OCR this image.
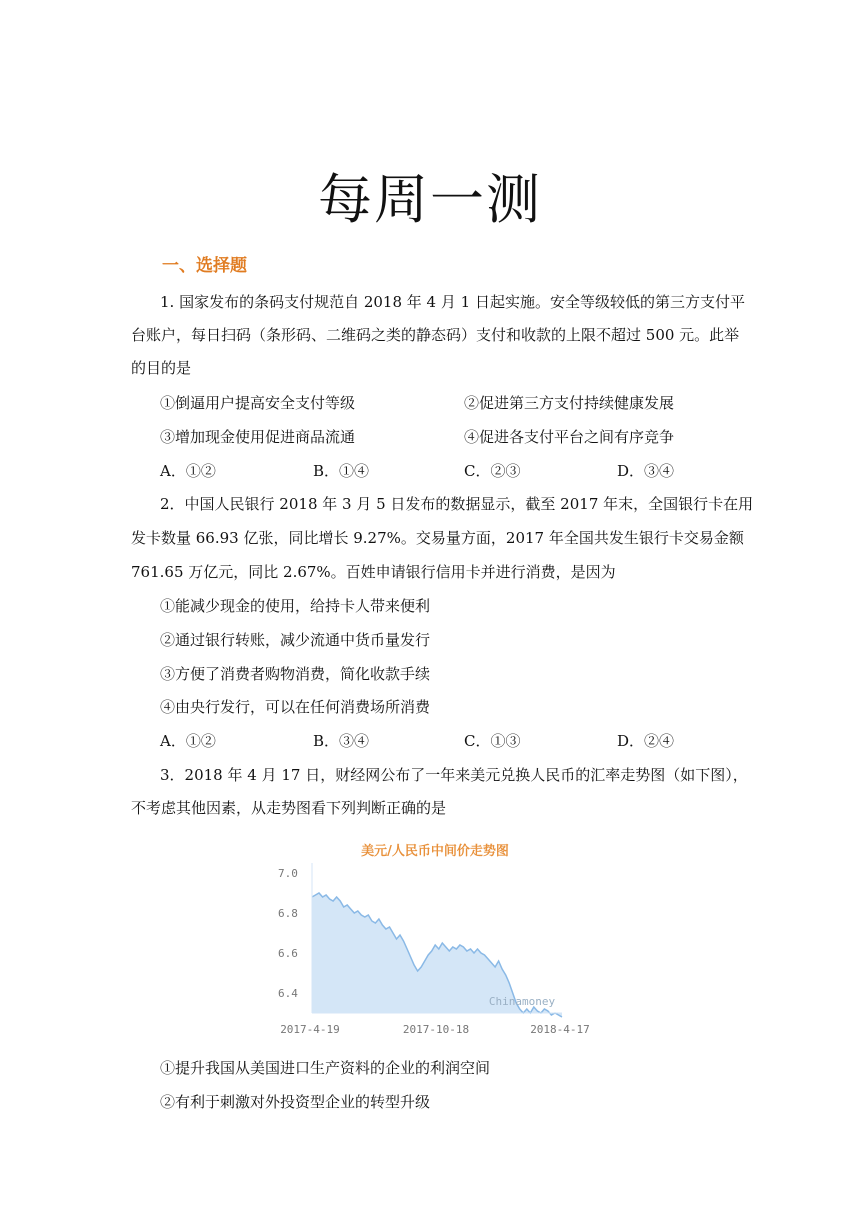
每周一测
一、选择题
1. 国家发布的条码支付规范自 2018 年 4 月 1 日起实施。安全等级较低的第三方支付平
台账户，每日扫码（条形码、二维码之类的静态码）支付和收款的上限不超过 500 元。此举
的目的是
①倒逼用户提高安全支付等级	②促进第三方支付持续健康发展
③增加现金使用促进商品流通	④促进各支付平台之间有序竞争
A．①②	B．①④	C．②③	D．③④
2．中国人民银行 2018 年 3 月 5 日发布的数据显示，截至 2017 年末，全国银行卡在用
发卡数量 66.93 亿张，同比增长 9.27%。交易量方面，2017 年全国共发生银行卡交易金额
761.65 万亿元，同比 2.67%。百姓申请银行信用卡并进行消费，是因为
①能减少现金的使用，给持卡人带来便利
②通过银行转账，减少流通中货币量发行
③方便了消费者购物消费，简化收款手续
④由央行发行，可以在任何消费场所消费
A．①②	B．③④	C．①③	D．②④
3．2018 年 4 月 17 日，财经网公布了一年来美元兑换人民币的汇率走势图（如下图），
不考虑其他因素，从走势图看下列判断正确的是
美元/人民币中间价走势图
7.0
6.8
6.6
6.4
2017-4-19	2017-10-18	2018-4-17
Chinamoney
①提升我国从美国进口生产资料的企业的利润空间
②有利于刺激对外投资型企业的转型升级
